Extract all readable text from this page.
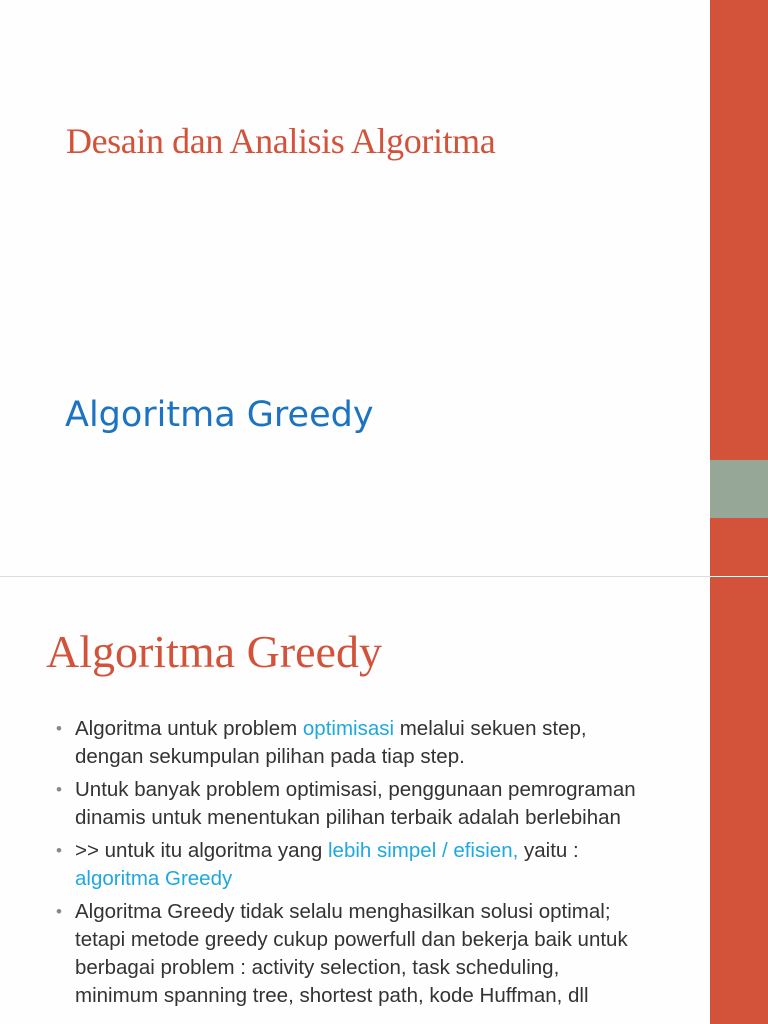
Desain dan Analisis Algoritma
Algoritma Greedy
Algoritma Greedy
• Algoritma untuk problem optimisasi melalui sekuen step,
dengan sekumpulan pilihan pada tiap step.
• Untuk banyak problem optimisasi, penggunaan pemrograman
dinamis untuk menentukan pilihan terbaik adalah berlebihan
• >> untuk itu algoritma yang lebih simpel / efisien, yaitu :
algoritma Greedy
• Algoritma Greedy tidak selalu menghasilkan solusi optimal;
tetapi metode greedy cukup powerfull dan bekerja baik untuk
berbagai problem : activity selection, task scheduling,
minimum spanning tree, shortest path, kode Huffman, dll
